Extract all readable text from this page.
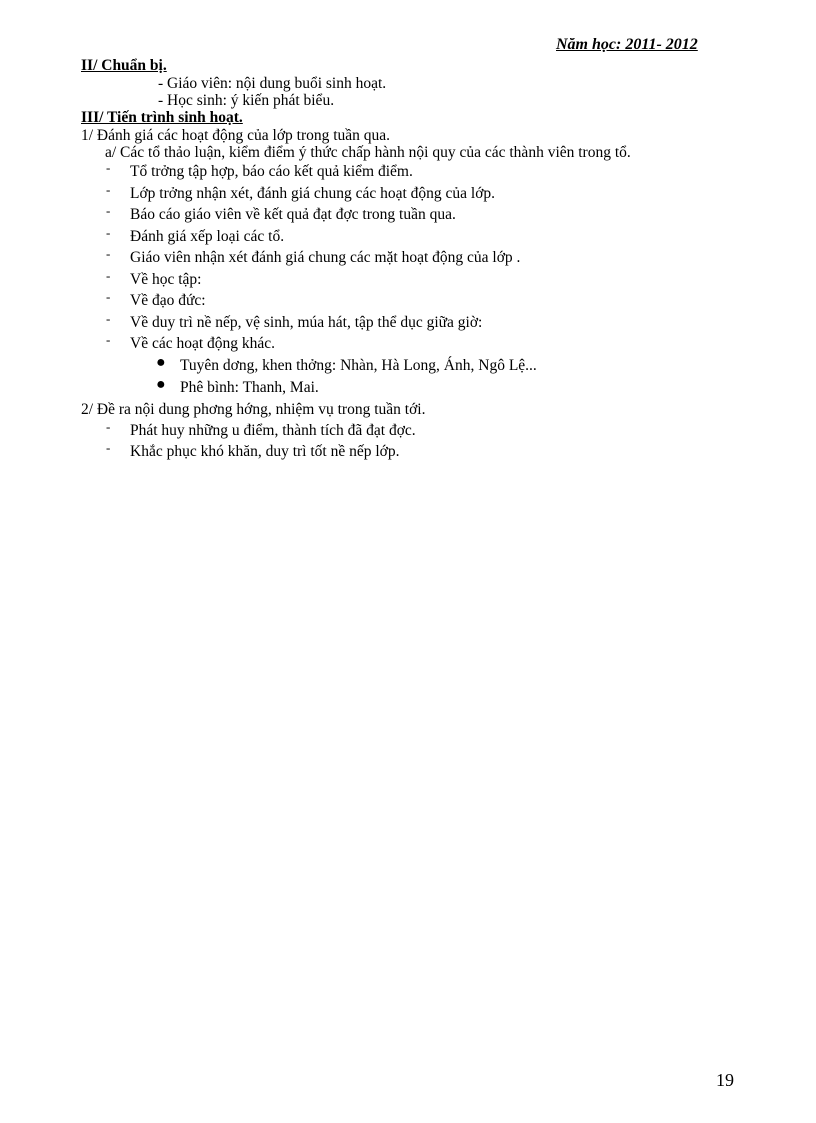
Năm học: 2011- 2012
II/ Chuẩn bị.
- Giáo viên: nội dung buổi sinh hoạt.
- Học sinh: ý kiến phát biểu.
III/ Tiến trình sinh hoạt.
1/ Đánh giá các hoạt động của lớp trong tuần qua.
a/ Các tổ thảo luận, kiểm điểm ý thức chấp hành nội quy của các thành viên trong tổ.
- Tổ trởng tập hợp, báo cáo kết quả kiểm điểm.
- Lớp trởng nhận xét, đánh giá chung các hoạt động của lớp.
- Báo cáo giáo viên về kết quả đạt đợc trong tuần qua.
- Đánh giá xếp loại các tổ.
- Giáo viên nhận xét đánh giá chung các mặt hoạt động của lớp .
- Về học tập:
- Về đạo đức:
- Về duy trì nề nếp, vệ sinh, múa hát, tập thể dục giữa giờ:
- Về các hoạt động khác.
● Tuyên dơng, khen thởng: Nhàn, Hà Long, Ánh, Ngô Lệ...
● Phê bình: Thanh, Mai.
2/ Đề ra nội dung phơng hớng, nhiệm vụ trong tuần tới.
- Phát huy những u điểm, thành tích đã đạt đợc.
- Khắc phục khó khăn, duy trì tốt nề nếp lớp.
19
